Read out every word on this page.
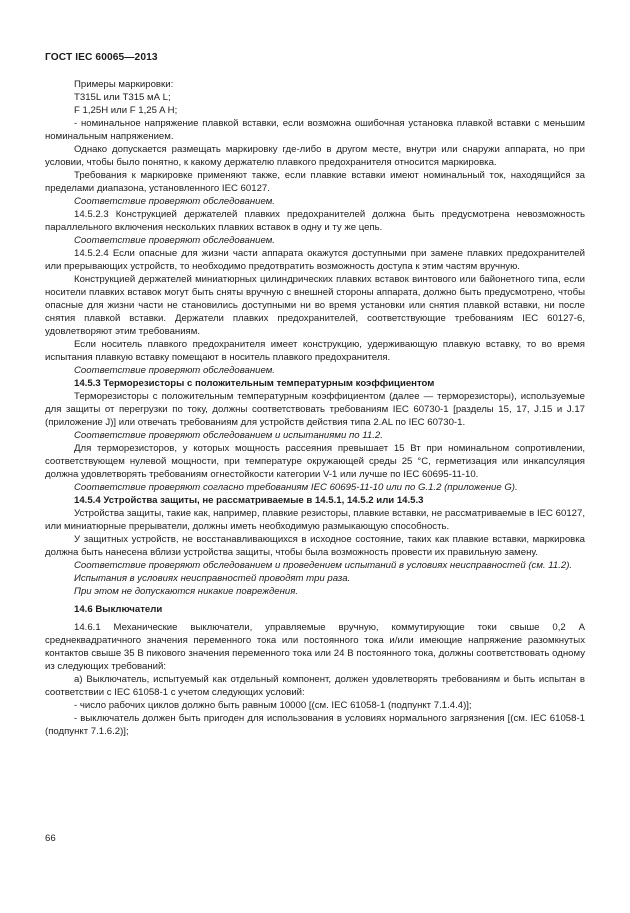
ГОСТ IEC 60065—2013

Примеры маркировки:

T315L или T315 мА L;

F 1,25H или F 1,25 A H;

- номинальное напряжение плавкой вставки, если возможна ошибочная установка плавкой вставки с меньшим номинальным напряжением.

Однако допускается размещать маркировку где-либо в другом месте, внутри или снаружи аппарата, но при условии, чтобы было понятно, к какому держателю плавкого предохранителя относится маркировка.

Требования к маркировке применяют также, если плавкие вставки имеют номинальный ток, находящийся за пределами диапазона, установленного IEC 60127.

Соответствие проверяют обследованием.

14.5.2.3 Конструкцией держателей плавких предохранителей должна быть предусмотрена невозможность параллельного включения нескольких плавких вставок в одну и ту же цепь.

Соответствие проверяют обследованием.

14.5.2.4 Если опасные для жизни части аппарата окажутся доступными при замене плавких предохранителей или прерывающих устройств, то необходимо предотвратить возможность доступа к этим частям вручную.

Конструкцией держателей миниатюрных цилиндрических плавких вставок винтового или байонетного типа, если носители плавких вставок могут быть сняты вручную с внешней стороны аппарата, должно быть предусмотрено, чтобы опасные для жизни части не становились доступными ни во время установки или снятия плавкой вставки, ни после снятия плавкой вставки. Держатели плавких предохранителей, соответствующие требованиям IEC 60127-6, удовлетворяют этим требованиям.

Если носитель плавкого предохранителя имеет конструкцию, удерживающую плавкую вставку, то во время испытания плавкую вставку помещают в носитель плавкого предохранителя.

Соответствие проверяют обследованием.

14.5.3 Терморезисторы с положительным температурным коэффициентом

Терморезисторы с положительным температурным коэффициентом (далее — терморезисторы), используемые для защиты от перегрузки по току, должны соответствовать требованиям IEC 60730-1 [разделы 15, 17, J.15 и J.17 (приложение J)] или отвечать требованиям для устройств действия типа 2.AL по IEC 60730-1.

Соответствие проверяют обследованием и испытаниями по 11.2.

Для терморезисторов, у которых мощность рассеяния превышает 15 Вт при номинальном сопротивлении, соответствующем нулевой мощности, при температуре окружающей среды 25 °C, герметизация или инкапсуляция должна удовлетворять требованиям огнестойкости категории V-1 или лучше по IEC 60695-11-10.

Соответствие проверяют согласно требованиям IEC 60695-11-10 или по G.1.2 (приложение G).

14.5.4 Устройства защиты, не рассматриваемые в 14.5.1, 14.5.2 или 14.5.3

Устройства защиты, такие как, например, плавкие резисторы, плавкие вставки, не рассматриваемые в IEC 60127, или миниатюрные прерыватели, должны иметь необходимую размыкающую способность.

У защитных устройств, не восстанавливающихся в исходное состояние, таких как плавкие вставки, маркировка должна быть нанесена вблизи устройства защиты, чтобы была возможность провести их правильную замену.

Соответствие проверяют обследованием и проведением испытаний в условиях неисправностей (см. 11.2).

Испытания в условиях неисправностей проводят три раза.

При этом не допускаются никакие повреждения.

14.6 Выключатели

14.6.1 Механические выключатели, управляемые вручную, коммутирующие токи свыше 0,2 А среднеквадратичного значения переменного тока или постоянного тока и/или имеющие напряжение разомкнутых контактов свыше 35 В пикового значения переменного тока или 24 В постоянного тока, должны соответствовать одному из следующих требований:

а) Выключатель, испытуемый как отдельный компонент, должен удовлетворять требованиям и быть испытан в соответствии с IEC 61058-1 с учетом следующих условий:

- число рабочих циклов должно быть равным 10000 [(см. IEC 61058-1 (подпункт 7.1.4.4)];

- выключатель должен быть пригоден для использования в условиях нормального загрязнения [(см. IEC 61058-1 (подпункт 7.1.6.2)];

66
